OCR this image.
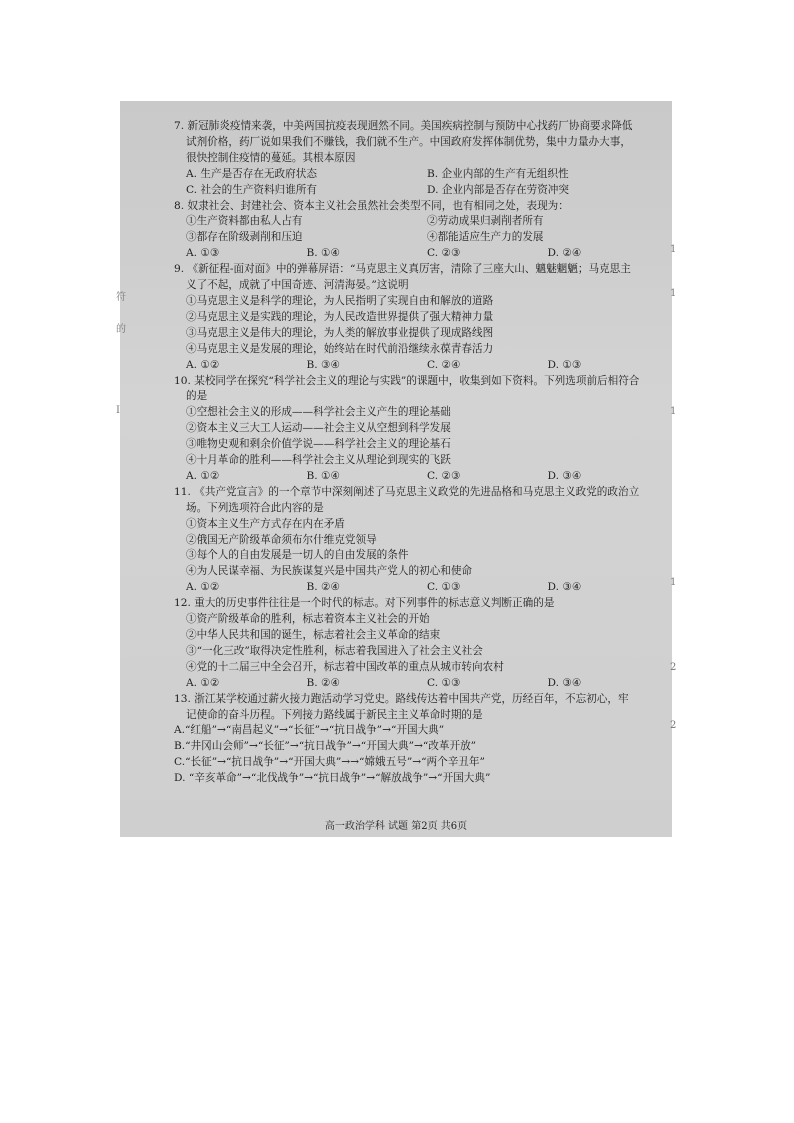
7. 新冠肺炎疫情来袭，中美两国抗疫表现迥然不同。美国疾病控制与预防中心找药厂协商要求降低

试剂价格，药厂说如果我们不赚钱，我们就不生产。中国政府发挥体制优势，集中力量办大事，
很快控制住疫情的蔓延。其根本原因
A. 生产是否存在无政府状态	B. 企业内部的生产有无组织性
C. 社会的生产资料归谁所有	D. 企业内部是否存在劳资冲突

8. 奴隶社会、封建社会、资本主义社会虽然社会类型不同，也有相同之处，表现为：

①生产资料都由私人占有	②劳动成果归剥削者所有
③都存在阶级剥削和压迫	④都能适应生产力的发展
A. ①③	B. ①④	C. ②③	D. ②④

9. 《新征程-面对面》中的弹幕屏语：“马克思主义真厉害，清除了三座大山、魑魅魍魉；马克思主

义了不起，成就了中国奇迹、河清海晏。”这说明
①马克思主义是科学的理论，为人民指明了实现自由和解放的道路
②马克思主义是实践的理论，为人民改造世界提供了强大精神力量
③马克思主义是伟大的理论，为人类的解放事业提供了现成路线图
④马克思主义是发展的理论，始终站在时代前沿继续永葆青春活力
A. ①②	B. ③④	C. ②④	D. ①③

10. 某校同学在探究“科学社会主义的理论与实践”的课题中，收集到如下资料。下列选项前后相符合

的是
①空想社会主义的形成——科学社会主义产生的理论基础
②资本主义三大工人运动——社会主义从空想到科学发展
③唯物史观和剩余价值学说——科学社会主义的理论基石
④十月革命的胜利——科学社会主义从理论到现实的飞跃
A. ①②	B. ①④	C. ②③	D. ③④

11. 《共产党宣言》的一个章节中深刻阐述了马克思主义政党的先进品格和马克思主义政党的政治立

场。下列选项符合此内容的是
①资本主义生产方式存在内在矛盾
②俄国无产阶级革命须布尔什维克党领导
③每个人的自由发展是一切人的自由发展的条件
④为人民谋幸福、为民族谋复兴是中国共产党人的初心和使命
A. ①②	B. ②④	C. ①③	D. ③④

12. 重大的历史事件往往是一个时代的标志。对下列事件的标志意义判断正确的是

①资产阶级革命的胜利，标志着资本主义社会的开始
②中华人民共和国的诞生，标志着社会主义革命的结束
③“一化三改”取得决定性胜利，标志着我国进入了社会主义社会
④党的十二届三中全会召开，标志着中国改革的重点从城市转向农村
A. ①②	B. ②④	C. ①③	D. ③④

13. 浙江某学校通过薪火接力跑活动学习党史。路线传达着中国共产党，历经百年，不忘初心，牢

记使命的奋斗历程。下列接力路线属于新民主主义革命时期的是
A.“红船”→“南昌起义”→“长征”→“抗日战争”→“开国大典”
B.“井冈山会师”→“长征”→“抗日战争”→“开国大典”→“改革开放”
C.“长征”→“抗日战争”→“开国大典”→→“嫦娥五号”→“两个辛丑年”
D. “辛亥革命”→“北伐战争”→“抗日战争”→“解放战争”→“开国大典”
高一政治学科 试题 第2页 共6页
符
的
I
1
1
1
1
2
2
